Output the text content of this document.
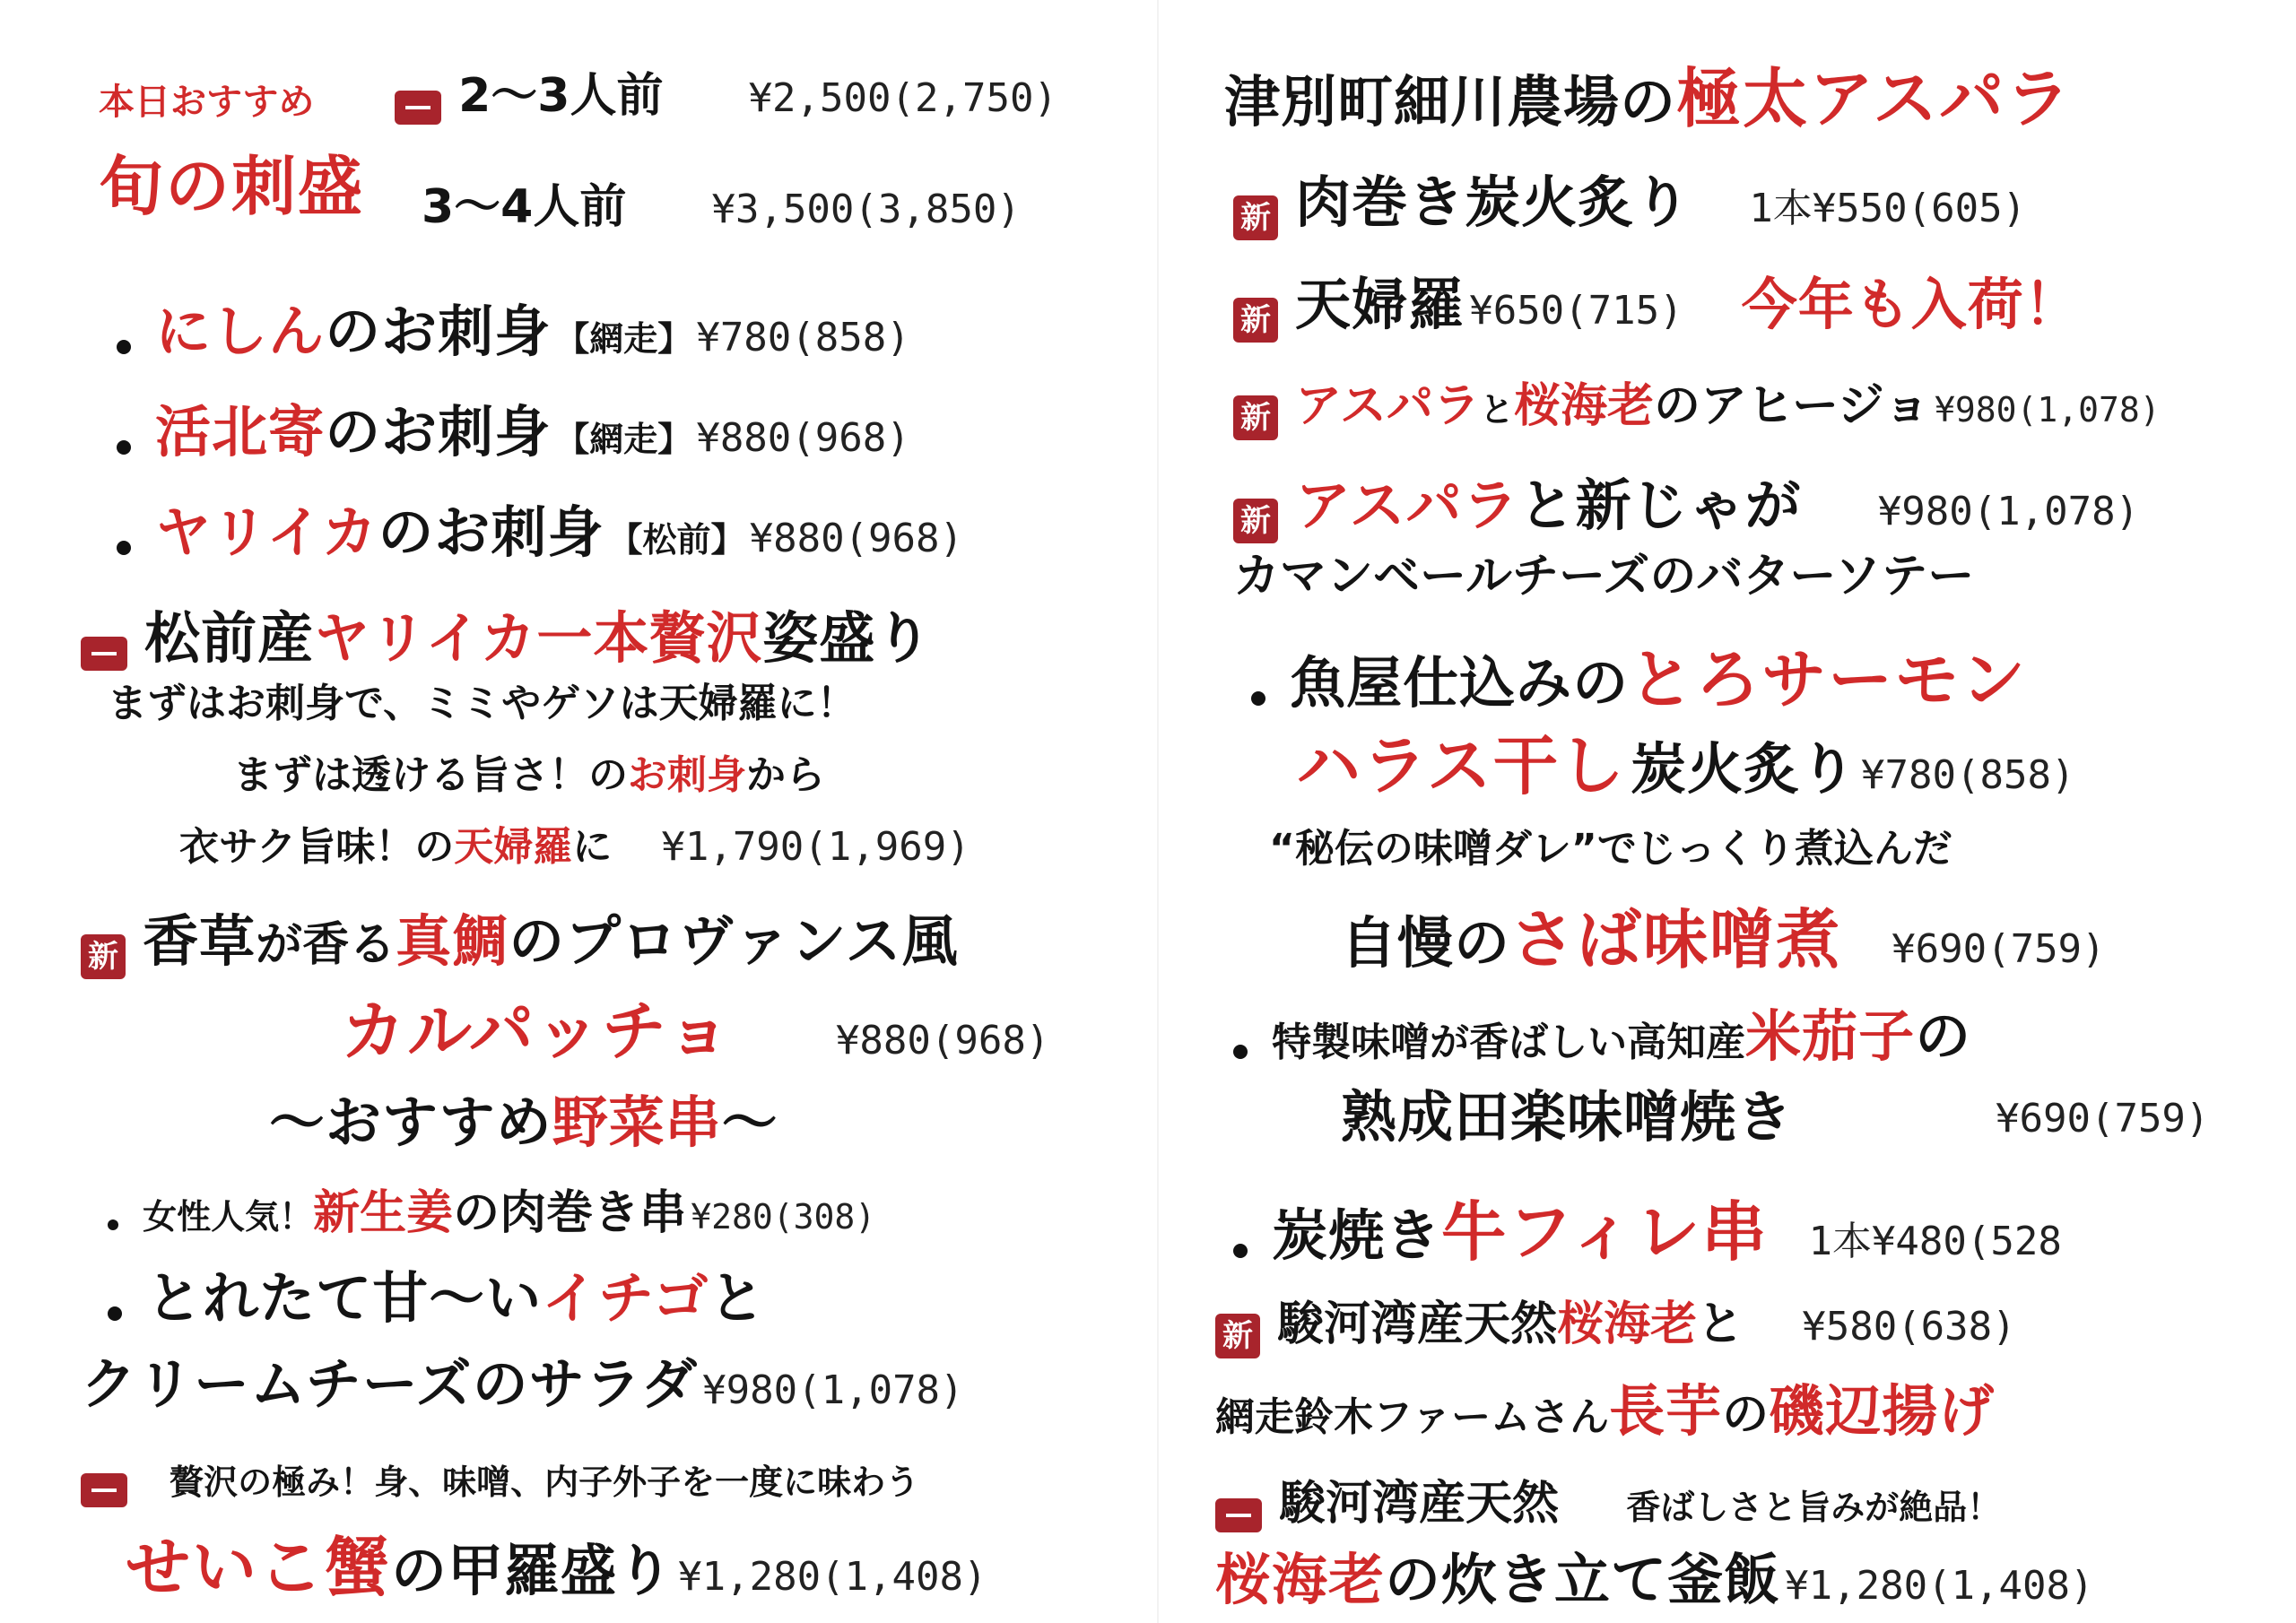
本日おすすめ
旬の刺盛
2～3人前 ¥2,500(2,750)
3～4人前 ¥3,500(3,850)
にしんのお刺身 【網走】 ¥780(858)
活北寄のお刺身 【網走】 ¥880(968)
ヤリイカのお刺身 【松前】 ¥880(968)
松前産ヤリイカ一本贅沢姿盛り
まずはお刺身で、ミミやゲソは天婦羅に！
まずは透ける旨さ！のお刺身から
衣サク旨味！の天婦羅に ¥1,790(1,969)
新 香草が香る真鯛のプロヴァンス風
カルパッチョ	¥880(968)
～おすすめ野菜串～
女性人気！新生姜の肉巻き串 ¥280(308)
とれたて甘～いイチゴと
クリームチーズのサラダ ¥980(1,078)
贅沢の極み！身、味噌、内子外子を一度に味わう
せいこ蟹の甲羅盛り ¥1,280(1,408)
津別町細川農場の極太アスパラ
新 肉巻き炭火炙り 1本¥550(605)
新 天婦羅 ¥650(715) 今年も入荷！
新 アスパラと桜海老のアヒージョ ¥980(1,078)
新 アスパラと新じゃが ¥980(1,078)
カマンベールチーズのバターソテー
魚屋仕込みのとろサーモン
ハラス干し 炭火炙り ¥780(858)
“秘伝の味噌ダレ”でじっくり煮込んだ
自慢のさば味噌煮 ¥690(759)
特製味噌が香ばしい高知産米茄子の
熟成田楽味噌焼き	¥690(759)
炭焼き牛フィレ串 1本¥480(528
新 駿河湾産天然桜海老と ¥580(638)
網走鈴木ファームさん長芋の磯辺揚げ
駿河湾産天然 香ばしさと旨みが絶品！
桜海老の炊き立て釜飯 ¥1,280(1,408)
